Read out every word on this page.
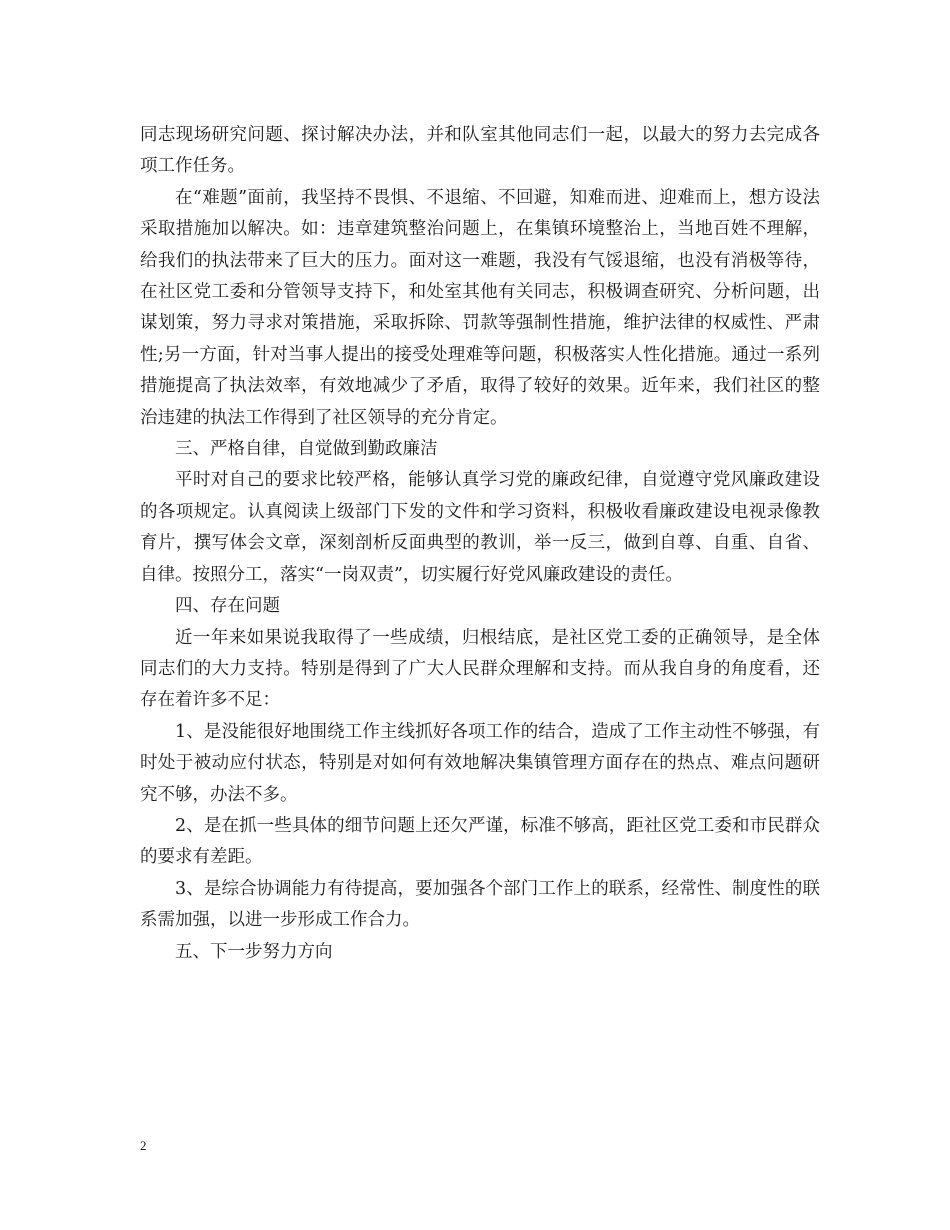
同志现场研究问题、探讨解决办法，并和队室其他同志们一起，以最大的努力去完成各项工作任务。

在“难题”面前，我坚持不畏惧、不退缩、不回避，知难而进、迎难而上，想方设法采取措施加以解决。如：违章建筑整治问题上，在集镇环境整治上，当地百姓不理解，给我们的执法带来了巨大的压力。面对这一难题，我没有气馁退缩，也没有消极等待，在社区党工委和分管领导支持下，和处室其他有关同志，积极调查研究、分析问题，出谋划策，努力寻求对策措施，采取拆除、罚款等强制性措施，维护法律的权威性、严肃性;另一方面，针对当事人提出的接受处理难等问题，积极落实人性化措施。通过一系列措施提高了执法效率，有效地减少了矛盾，取得了较好的效果。近年来，我们社区的整治违建的执法工作得到了社区领导的充分肯定。

三、严格自律，自觉做到勤政廉洁

平时对自己的要求比较严格，能够认真学习党的廉政纪律，自觉遵守党风廉政建设的各项规定。认真阅读上级部门下发的文件和学习资料，积极收看廉政建设电视录像教育片，撰写体会文章，深刻剖析反面典型的教训，举一反三，做到自尊、自重、自省、自律。按照分工，落实“一岗双责”，切实履行好党风廉政建设的责任。

四、存在问题

近一年来如果说我取得了一些成绩，归根结底，是社区党工委的正确领导，是全体同志们的大力支持。特别是得到了广大人民群众理解和支持。而从我自身的角度看，还存在着许多不足：

1、是没能很好地围绕工作主线抓好各项工作的结合，造成了工作主动性不够强，有时处于被动应付状态，特别是对如何有效地解决集镇管理方面存在的热点、难点问题研究不够，办法不多。

2、是在抓一些具体的细节问题上还欠严谨，标准不够高，距社区党工委和市民群众的要求有差距。

3、是综合协调能力有待提高，要加强各个部门工作上的联系，经常性、制度性的联系需加强，以进一步形成工作合力。

五、下一步努力方向

2
